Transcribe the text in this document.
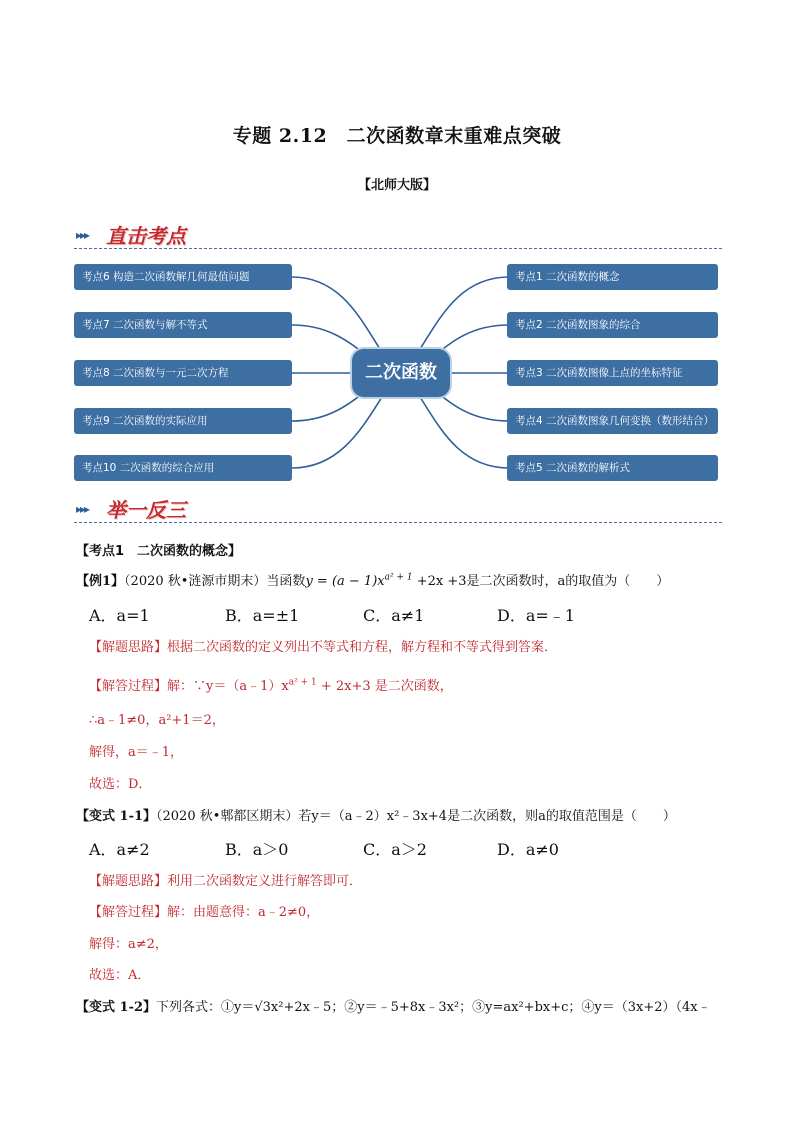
专题 2.12　二次函数章末重难点突破
【北师大版】
▸▸▸ 直击考点
考点6 构造二次函数解几何最值问题
考点7 二次函数与解不等式
考点8 二次函数与一元二次方程
考点9 二次函数的实际应用
考点10 二次函数的综合应用
二次函数
考点1 二次函数的概念
考点2 二次函数图象的综合
考点3 二次函数图像上点的坐标特征
考点4 二次函数图象几何变换（数形结合）
考点5 二次函数的解析式
▸▸▸ 举一反三
【考点1　二次函数的概念】
【例1】（2020 秋•涟源市期末）当函数$y = (a - 1)x^{a^2 + 1} +2x +3$是二次函数时，a的取值为（　　）
A．a=1	B．a=±1	C．a≠1	D．a=﹣1
【解题思路】根据二次函数的定义列出不等式和方程，解方程和不等式得到答案．
【解答过程】解：$\because y=(a﹣1)x^{a^2 + 1} + 2x+3$ 是二次函数，
∴a﹣1≠0，a²+1＝2，
解得，a＝﹣1，
故选：D．
【变式 1-1】（2020 秋•郫都区期末）若y＝（a﹣2）x²﹣3x+4是二次函数，则a的取值范围是（　　）
A．a≠2	B．a＞0	C．a＞2	D．a≠0
【解题思路】利用二次函数定义进行解答即可．
【解答过程】解：由题意得：a﹣2≠0，
解得：a≠2，
故选：A．
【变式 1-2】下列各式：①y＝√3x²+2x﹣5；②y＝﹣5+8x﹣3x²；③y=ax²+bx+c；④y＝（3x+2）（4x﹣
